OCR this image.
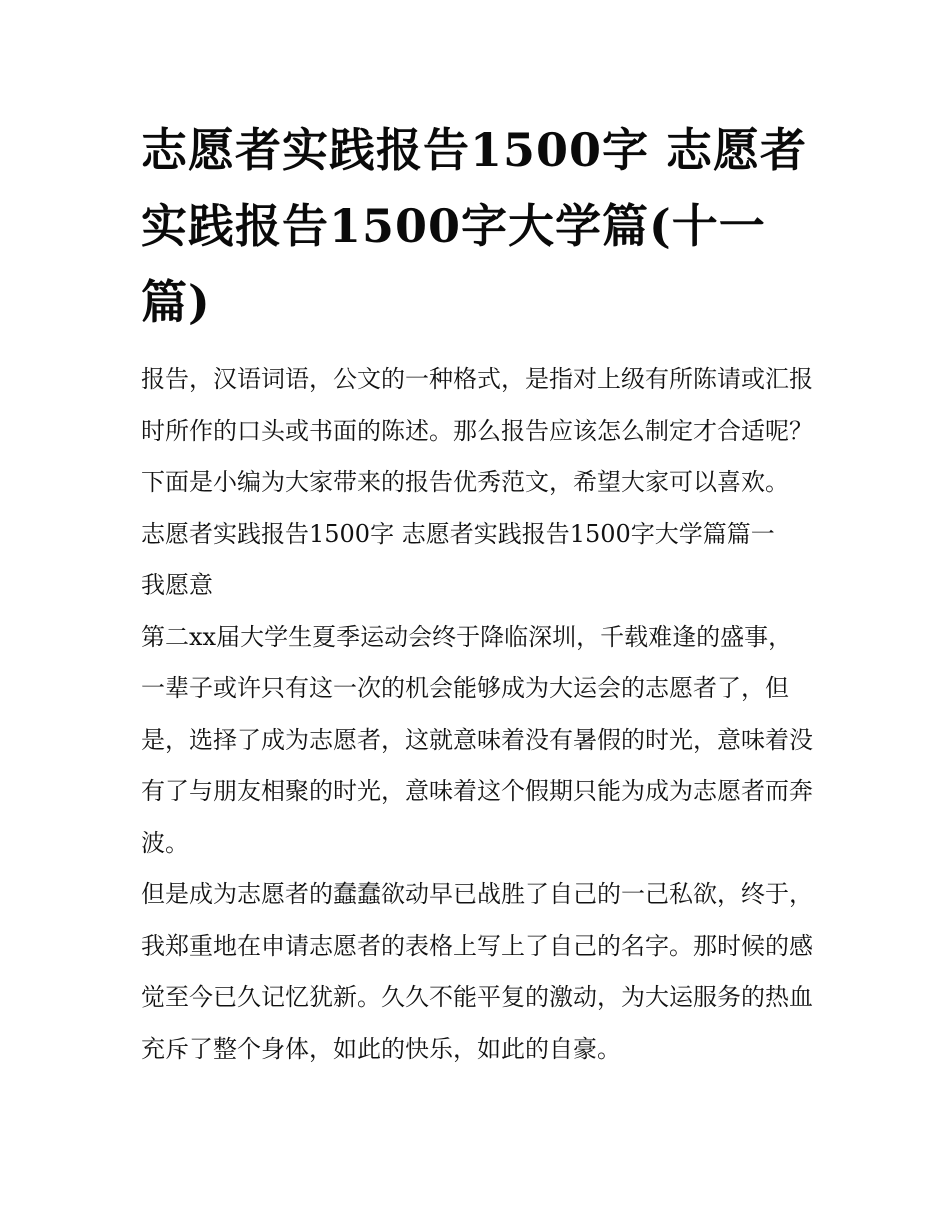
志愿者实践报告1500字 志愿者实践报告1500字大学篇(十一篇)

报告，汉语词语，公文的一种格式，是指对上级有所陈请或汇报时所作的口头或书面的陈述。那么报告应该怎么制定才合适呢？下面是小编为大家带来的报告优秀范文，希望大家可以喜欢。

志愿者实践报告1500字 志愿者实践报告1500字大学篇篇一

我愿意

第二xx届大学生夏季运动会终于降临深圳，千载难逢的盛事，一辈子或许只有这一次的机会能够成为大运会的志愿者了，但是，选择了成为志愿者，这就意味着没有暑假的时光，意味着没有了与朋友相聚的时光，意味着这个假期只能为成为志愿者而奔波。

但是成为志愿者的蠢蠢欲动早已战胜了自己的一己私欲，终于，我郑重地在申请志愿者的表格上写上了自己的名字。那时候的感觉至今已久记忆犹新。久久不能平复的激动，为大运服务的热血充斥了整个身体，如此的快乐，如此的自豪。
